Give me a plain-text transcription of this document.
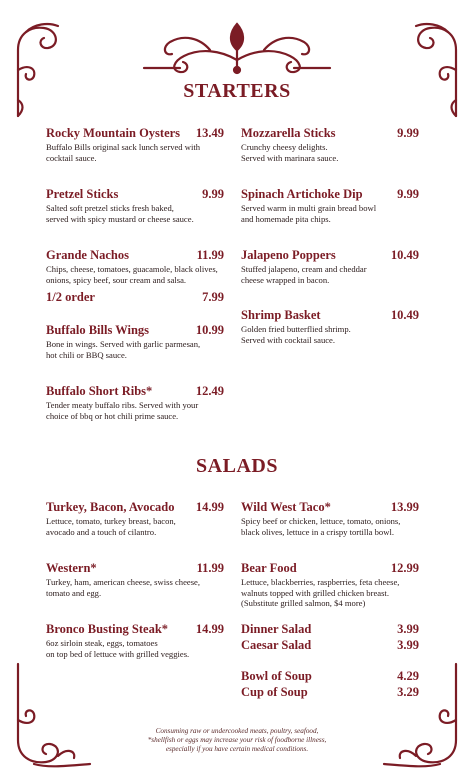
STARTERS
Rocky Mountain Oysters 13.49
Buffalo Bills original sack lunch served with
cocktail sauce.
Pretzel Sticks	9.99
Salted soft pretzel sticks fresh baked,
served with spicy mustard or cheese sauce.
Grande Nachos	11.99
Chips, cheese, tomatoes, guacamole, black olives,
onions, spicy beef, sour cream and salsa.
1/2 order	7.99
Buffalo Bills Wings	10.99
Bone in wings. Served with garlic parmesan,
hot chili or BBQ sauce.
Buffalo Short Ribs*	12.49
Tender meaty buffalo ribs. Served with your
choice of bbq or hot chili prime sauce.
Mozzarella Sticks	9.99
Crunchy cheesy delights.
Served with marinara sauce.
Spinach Artichoke Dip	9.99
Served warm in multi grain bread bowl
and homemade pita chips.
Jalapeno Poppers	10.49
Stuffed jalapeno, cream and cheddar
cheese wrapped in bacon.
Shrimp Basket	10.49
Golden fried butterflied shrimp.
Served with cocktail sauce.
SALADS
Turkey, Bacon, Avocado 14.99
Lettuce, tomato, turkey breast, bacon,
avocado and a touch of cilantro.
Western*	11.99
Turkey, ham, american cheese, swiss cheese,
tomato and egg.
Bronco Busting Steak* 14.99
6oz sirloin steak, eggs, tomatoes
on top bed of lettuce with grilled veggies.
Wild West Taco*	13.99
Spicy beef or chicken, lettuce, tomato, onions,
black olives, lettuce in a crispy tortilla bowl.
Bear Food	12.99
Lettuce, blackberries, raspberries, feta cheese,
walnuts topped with grilled chicken breast.
(Substitute grilled salmon, $4 more)
Dinner Salad	3.99
Caesar Salad	3.99
Bowl of Soup	4.29
Cup of Soup	3.29
Consuming raw or undercooked meats, poultry, seafood,
*shellfish or eggs may increase your risk of foodborne illness,
especially if you have certain medical conditions.
